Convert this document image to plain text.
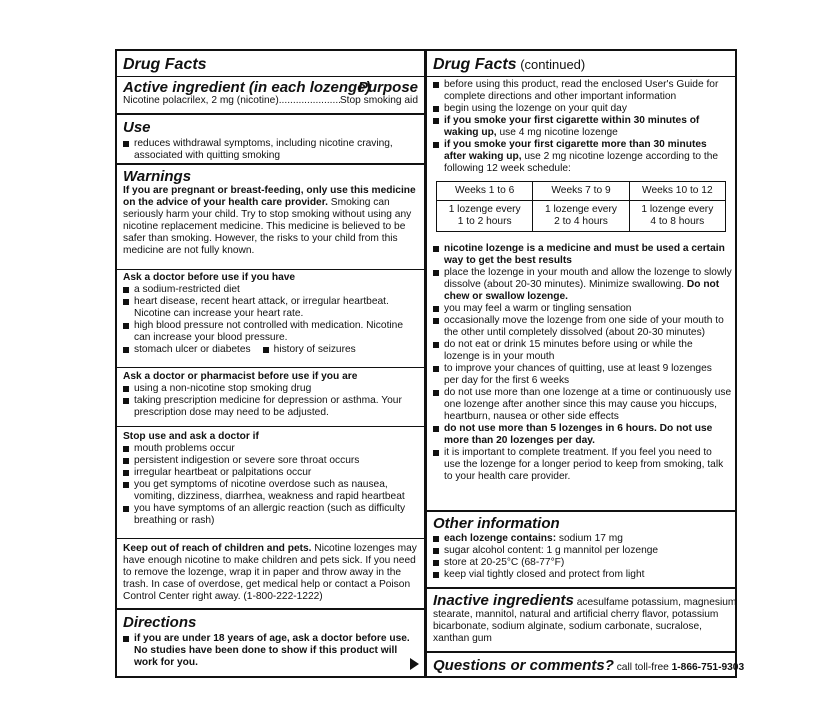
Drug Facts

Active ingredient (in each lozenge)
Purpose
Nicotine polacrilex, 2 mg (nicotine)......................
Stop smoking aid

Use

reduces withdrawal symptoms, including nicotine craving,

associated with quitting smoking

Warnings

If you are pregnant or breast-feeding, only use this medicine

on the advice of your health care provider. Smoking can

seriously harm your child. Try to stop smoking without using any

nicotine replacement medicine. This medicine is believed to be

safer than smoking. However, the risks to your child from this

medicine are not fully known.

Ask a doctor before use if you have

a sodium-restricted diet

heart disease, recent heart attack, or irregular heartbeat.

Nicotine can increase your heart rate.

high blood pressure not controlled with medication. Nicotine

can increase your blood pressure.

stomach ulcer or diabetes history of seizures

Ask a doctor or pharmacist before use if you are

using a non-nicotine stop smoking drug

taking prescription medicine for depression or asthma. Your

prescription dose may need to be adjusted.

Stop use and ask a doctor if

mouth problems occur

persistent indigestion or severe sore throat occurs

irregular heartbeat or palpitations occur

you get symptoms of nicotine overdose such as nausea,

vomiting, dizziness, diarrhea, weakness and rapid heartbeat

you have symptoms of an allergic reaction (such as difficulty

breathing or rash)

Keep out of reach of children and pets. Nicotine lozenges may

have enough nicotine to make children and pets sick. If you need

to remove the lozenge, wrap it in paper and throw away in the

trash. In case of overdose, get medical help or contact a Poison

Control Center right away. (1-800-222-1222)

Directions

if you are under 18 years of age, ask a doctor before use.

No studies have been done to show if this product will

work for you.

Drug Facts (continued)

before using this product, read the enclosed User's Guide for

complete directions and other important information

begin using the lozenge on your quit day

if you smoke your first cigarette within 30 minutes of

waking up, use 4 mg nicotine lozenge

if you smoke your first cigarette more than 30 minutes

after waking up, use 2 mg nicotine lozenge according to the

following 12 week schedule:

Weeks 1 to 6	Weeks 7 to 9	Weeks 10 to 12
1 lozenge every
1 to 2 hours	1 lozenge every
2 to 4 hours	1 lozenge every
4 to 8 hours

nicotine lozenge is a medicine and must be used a certain

way to get the best results

place the lozenge in your mouth and allow the lozenge to slowly

dissolve (about 20-30 minutes). Minimize swallowing. Do not

chew or swallow lozenge.

you may feel a warm or tingling sensation

occasionally move the lozenge from one side of your mouth to

the other until completely dissolved (about 20-30 minutes)

do not eat or drink 15 minutes before using or while the

lozenge is in your mouth

to improve your chances of quitting, use at least 9 lozenges

per day for the first 6 weeks

do not use more than one lozenge at a time or continuously use

one lozenge after another since this may cause you hiccups,

heartburn, nausea or other side effects

do not use more than 5 lozenges in 6 hours. Do not use

more than 20 lozenges per day.

it is important to complete treatment. If you feel you need to

use the lozenge for a longer period to keep from smoking, talk

to your health care provider.

Other information

each lozenge contains: sodium 17 mg

sugar alcohol content: 1 g mannitol per lozenge

store at 20-25°C (68-77°F)

keep vial tightly closed and protect from light

Inactive ingredients acesulfame potassium, magnesium

stearate, mannitol, natural and artificial cherry flavor, potassium

bicarbonate, sodium alginate, sodium carbonate, sucralose,

xanthan gum

Questions or comments? call toll-free 1-866-751-9303
